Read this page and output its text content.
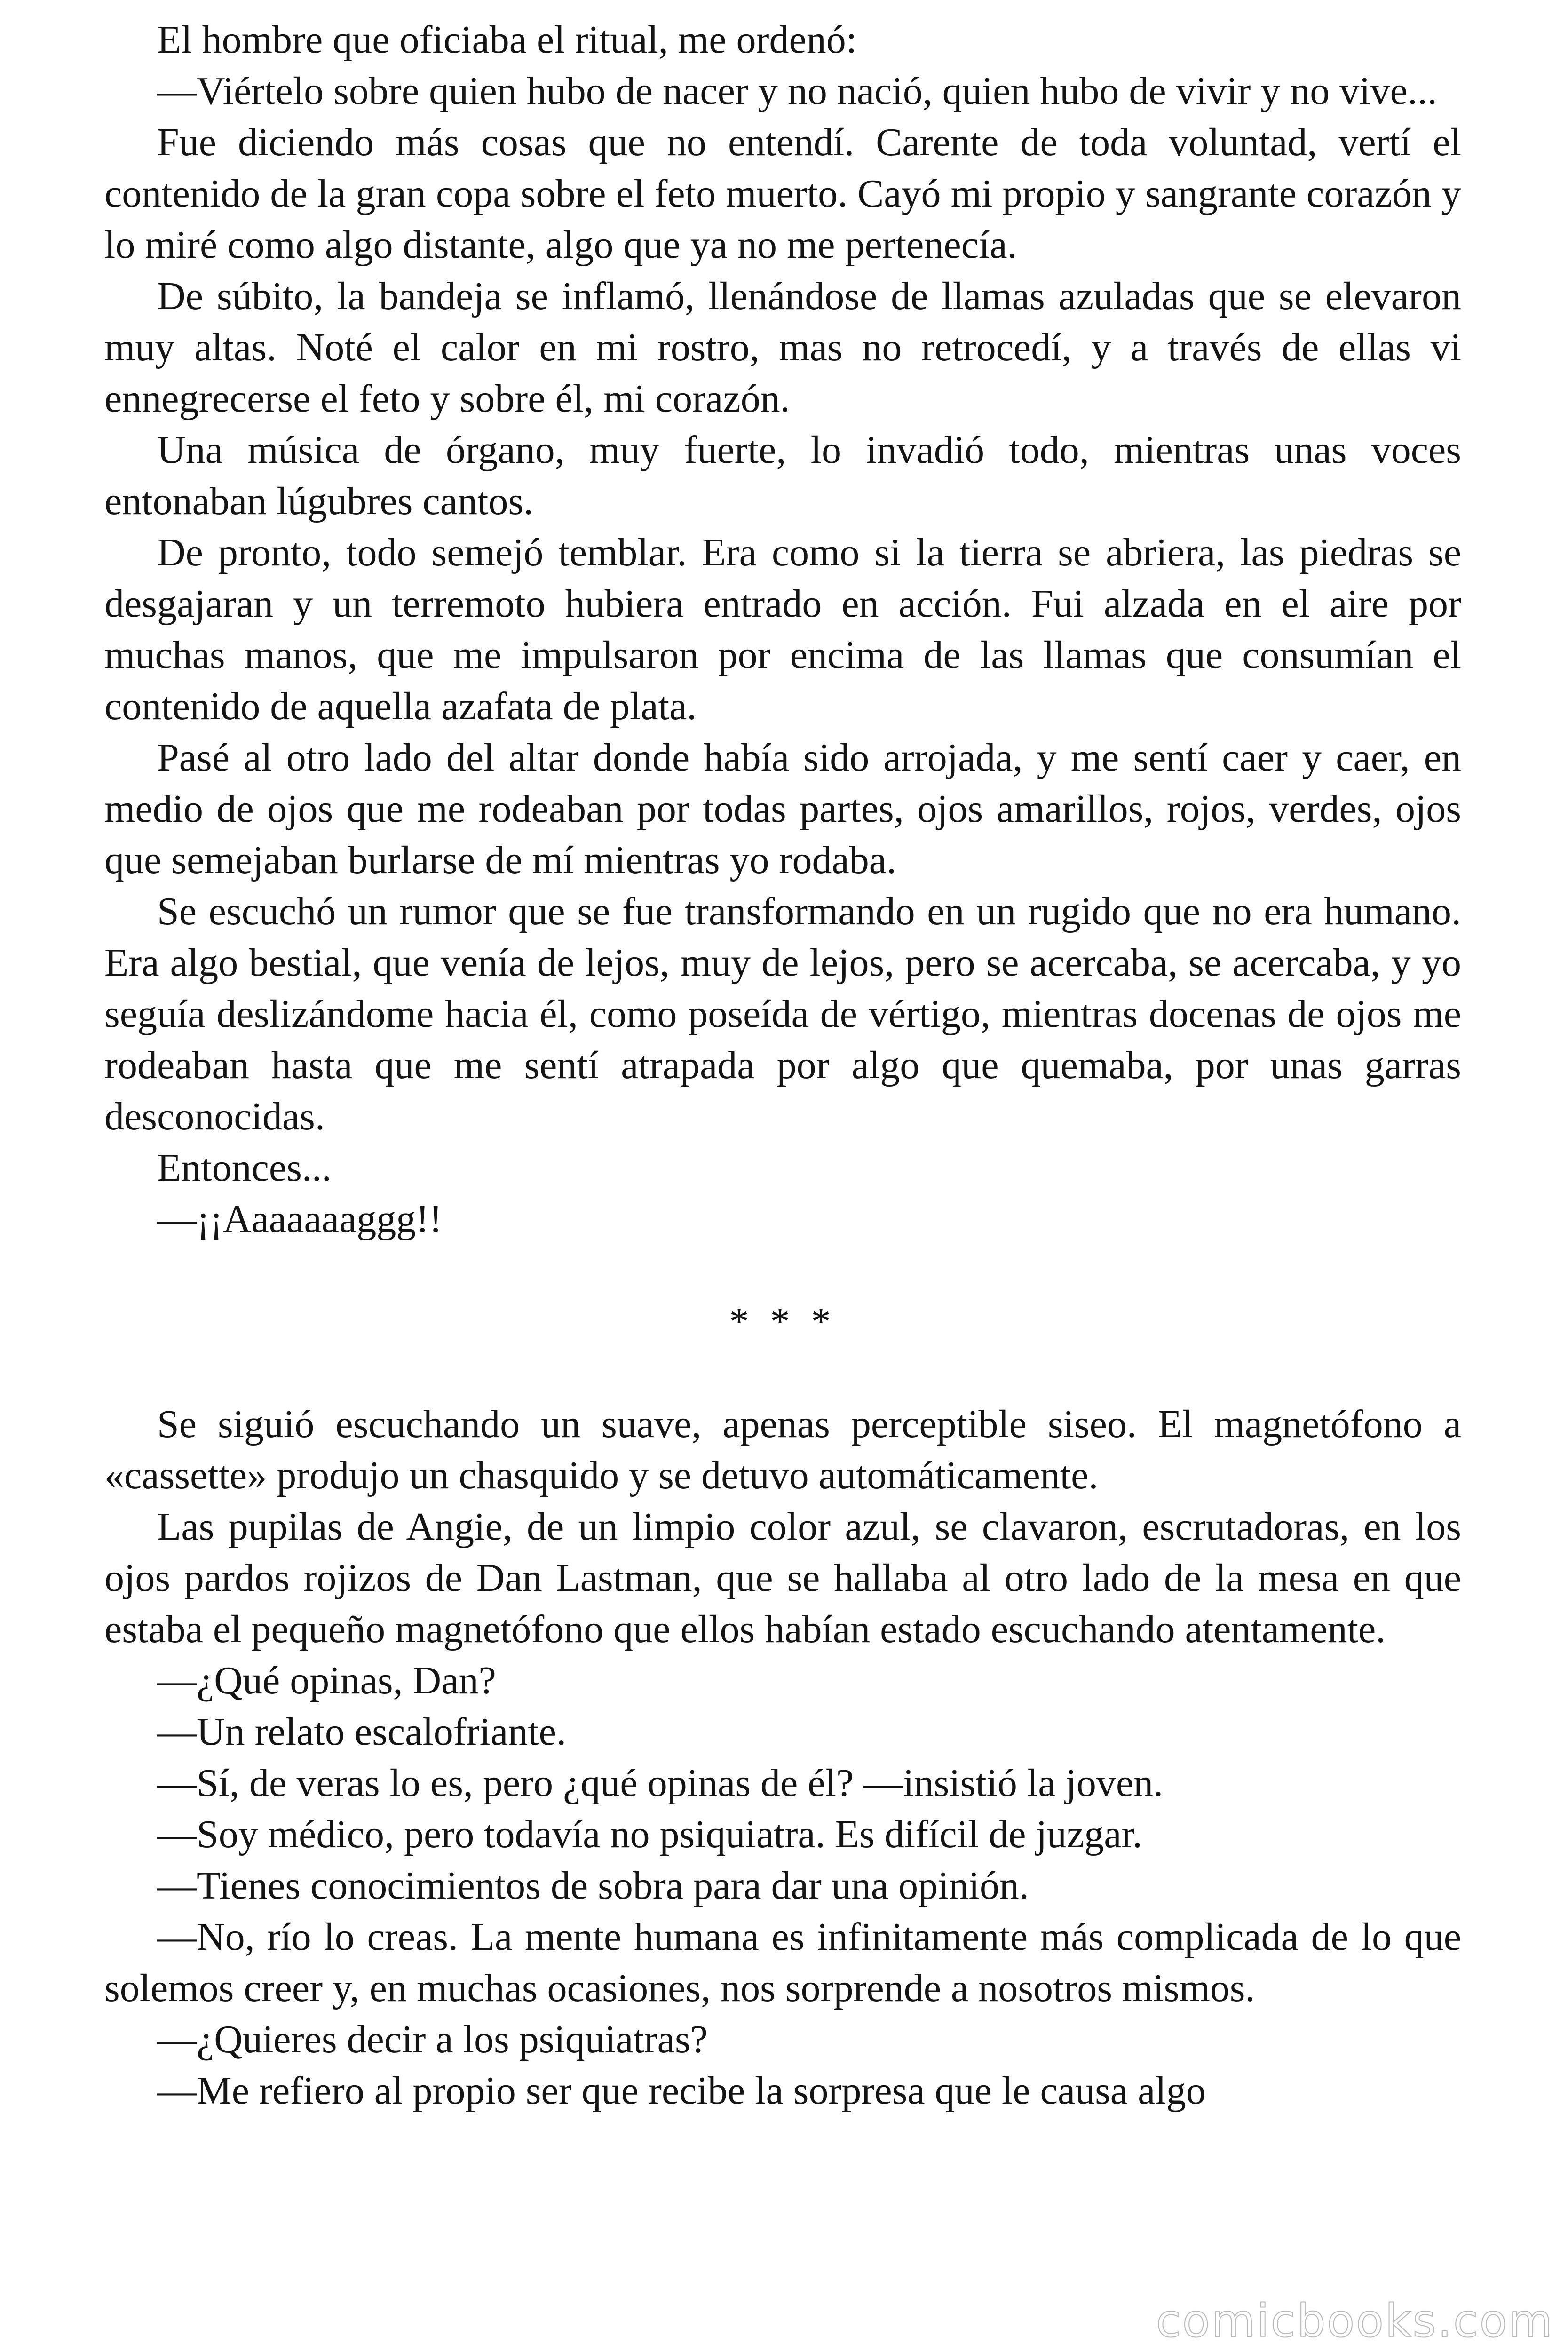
El hombre que oficiaba el ritual, me ordenó:

—Viértelo sobre quien hubo de nacer y no nació, quien hubo de vivir y no vive...

Fue diciendo más cosas que no entendí. Carente de toda voluntad, vertí el contenido de la gran copa sobre el feto muerto. Cayó mi propio y sangrante corazón y lo miré como algo distante, algo que ya no me pertenecía.

De súbito, la bandeja se inflamó, llenándose de llamas azuladas que se elevaron muy altas. Noté el calor en mi rostro, mas no retrocedí, y a través de ellas vi ennegrecerse el feto y sobre él, mi corazón.

Una música de órgano, muy fuerte, lo invadió todo, mientras unas voces entonaban lúgubres cantos.

De pronto, todo semejó temblar. Era como si la tierra se abriera, las piedras se desgajaran y un terremoto hubiera entrado en acción. Fui alzada en el aire por muchas manos, que me impulsaron por encima de las llamas que consumían el contenido de aquella azafata de plata.

Pasé al otro lado del altar donde había sido arrojada, y me sentí caer y caer, en medio de ojos que me rodeaban por todas partes, ojos amarillos, rojos, verdes, ojos que semejaban burlarse de mí mientras yo rodaba.

Se escuchó un rumor que se fue transformando en un rugido que no era humano. Era algo bestial, que venía de lejos, muy de lejos, pero se acercaba, se acercaba, y yo seguía deslizándome hacia él, como poseída de vértigo, mientras docenas de ojos me rodeaban hasta que me sentí atrapada por algo que quemaba, por unas garras desconocidas.

Entonces...

—¡¡Aaaaaaaggg!!

* * *

Se siguió escuchando un suave, apenas perceptible siseo. El magnetófono a «cassette» produjo un chasquido y se detuvo automáticamente.

Las pupilas de Angie, de un limpio color azul, se clavaron, escrutadoras, en los ojos pardos rojizos de Dan Lastman, que se hallaba al otro lado de la mesa en que estaba el pequeño magnetófono que ellos habían estado escuchando atentamente.

—¿Qué opinas, Dan?

—Un relato escalofriante.

—Sí, de veras lo es, pero ¿qué opinas de él? —insistió la joven.

—Soy médico, pero todavía no psiquiatra. Es difícil de juzgar.

—Tienes conocimientos de sobra para dar una opinión.

—No, río lo creas. La mente humana es infinitamente más complicada de lo que solemos creer y, en muchas ocasiones, nos sorprende a nosotros mismos.

—¿Quieres decir a los psiquiatras?

—Me refiero al propio ser que recibe la sorpresa que le causa algo

comicbooks.com
